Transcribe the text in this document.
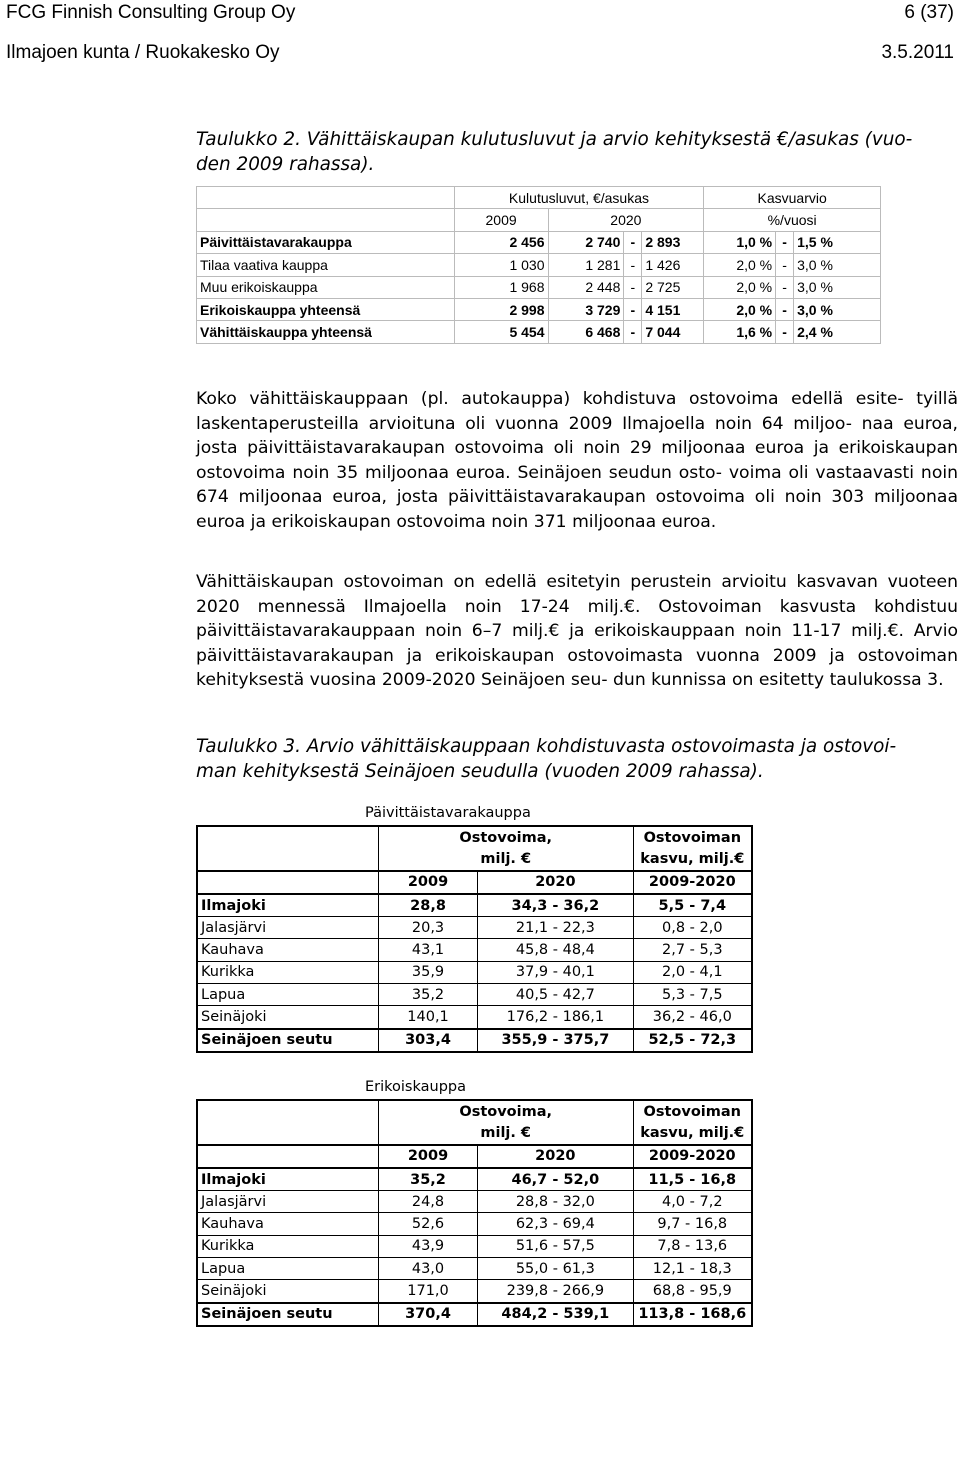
FCG Finnish Consulting Group Oy	6 (37)
Ilmajoen kunta / Ruokakesko Oy	3.5.2011

Taulukko 2. Vähittäiskaupan kulutusluvut ja arvio kehityksestä €/asukas (vuo-
den 2009 rahassa).

	Kulutusluvut, €/asukas				Kasvuarvio		
	2009	2020			%/vuosi		
Päivittäistavarakauppa	2 456	2 740	-	2 893	1,0 %	-	1,5 %
Tilaa vaativa kauppa	1 030	1 281	-	1 426	2,0 %	-	3,0 %
Muu erikoiskauppa	1 968	2 448	-	2 725	2,0 %	-	3,0 %
Erikoiskauppa yhteensä	2 998	3 729	-	4 151	2,0 %	-	3,0 %
Vähittäiskauppa yhteensä	5 454	6 468	-	7 044	1,6 %	-	2,4 %

Koko vähittäiskauppaan (pl. autokauppa) kohdistuva ostovoima edellä esite- tyillä laskentaperusteilla arvioituna oli vuonna 2009 Ilmajoella noin 64 miljoo- naa euroa, josta päivittäistavarakaupan ostovoima oli noin 29 miljoonaa euroa ja erikoiskaupan ostovoima noin 35 miljoonaa euroa. Seinäjoen seudun osto- voima oli vastaavasti noin 674 miljoonaa euroa, josta päivittäistavarakaupan ostovoima oli noin 303 miljoonaa euroa ja erikoiskaupan ostovoima noin 371 miljoonaa euroa.

Vähittäiskaupan ostovoiman on edellä esitetyin perustein arvioitu kasvavan vuoteen 2020 mennessä Ilmajoella noin 17-24 milj.€. Ostovoiman kasvusta kohdistuu päivittäistavarakauppaan noin 6–7 milj.€ ja erikoiskauppaan noin 11-17 milj.€. Arvio päivittäistavarakaupan ja erikoiskaupan ostovoimasta vuonna 2009 ja ostovoiman kehityksestä vuosina 2009-2020 Seinäjoen seu- dun kunnissa on esitetty taulukossa 3.

Taulukko 3. Arvio vähittäiskauppaan kohdistuvasta ostovoimasta ja ostovoi-
man kehityksestä Seinäjoen seudulla (vuoden 2009 rahassa).

Päivittäistavarakauppa
	Ostovoima,		Ostovoiman
	milj. €		kasvu, milj.€
	2009	2020	2009-2020
Ilmajoki	28,8	34,3 - 36,2	5,5 - 7,4
Jalasjärvi	20,3	21,1 - 22,3	0,8 - 2,0
Kauhava	43,1	45,8 - 48,4	2,7 - 5,3
Kurikka	35,9	37,9 - 40,1	2,0 - 4,1
Lapua	35,2	40,5 - 42,7	5,3 - 7,5
Seinäjoki	140,1	176,2 - 186,1	36,2 - 46,0
Seinäjoen seutu	303,4	355,9 - 375,7	52,5 - 72,3
Erikoiskauppa
	Ostovoima,		Ostovoiman
	milj. €		kasvu, milj.€
	2009	2020	2009-2020
Ilmajoki	35,2	46,7 - 52,0	11,5 - 16,8
Jalasjärvi	24,8	28,8 - 32,0	4,0 - 7,2
Kauhava	52,6	62,3 - 69,4	9,7 - 16,8
Kurikka	43,9	51,6 - 57,5	7,8 - 13,6
Lapua	43,0	55,0 - 61,3	12,1 - 18,3
Seinäjoki	171,0	239,8 - 266,9	68,8 - 95,9
Seinäjoen seutu	370,4	484,2 - 539,1	113,8 - 168,6
